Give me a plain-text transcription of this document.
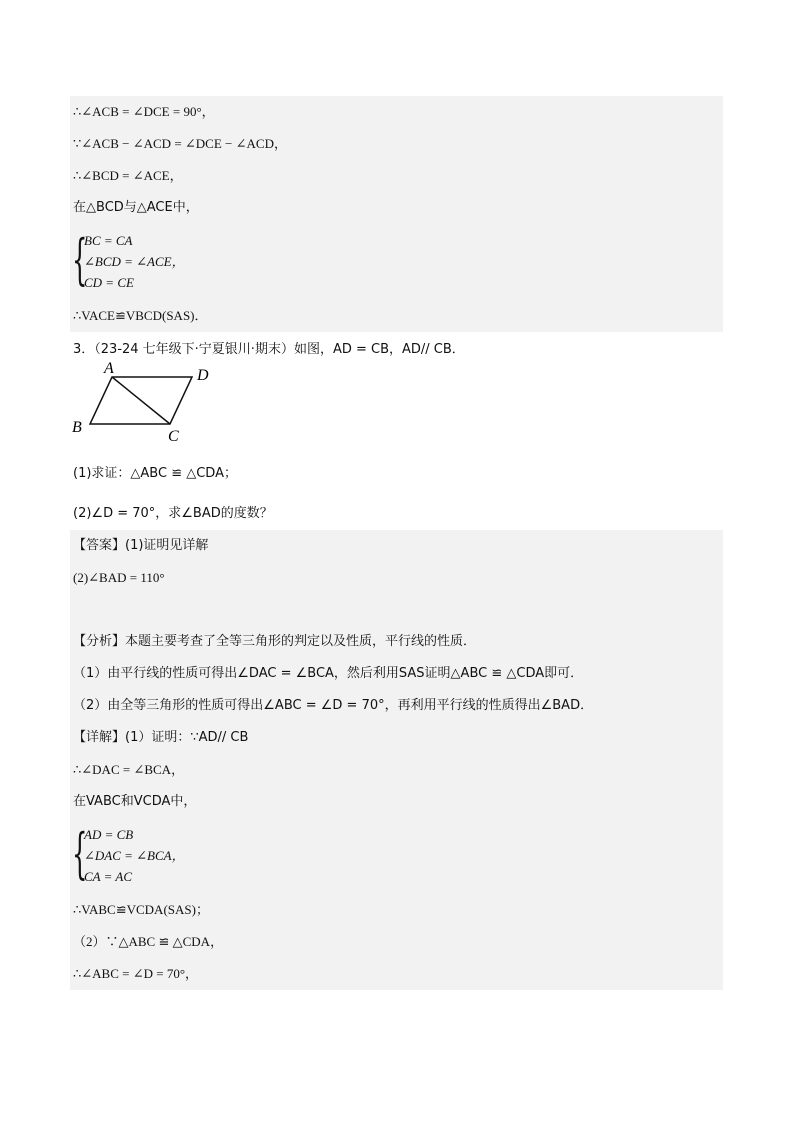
∴∠ACB = ∠DCE = 90°，
∵∠ACB − ∠ACD = ∠DCE − ∠ACD，
∴∠BCD = ∠ACE，
在△BCD与△ACE中，
{
BC = CA
∠BCD = ∠ACE，
CD = CE
∴VACE≌VBCD(SAS)．
3．（23-24 七年级下·宁夏银川·期末）如图，AD = CB，AD// CB．
A	D
B
C
(1)求证：△ABC ≌ △CDA；
(2)∠D = 70°，求∠BAD的度数？
【答案】(1)证明见详解
(2)∠BAD = 110°
【分析】本题主要考查了全等三角形的判定以及性质，平行线的性质．
（1）由平行线的性质可得出∠DAC = ∠BCA，然后利用SAS证明△ABC ≌ △CDA即可．
（2）由全等三角形的性质可得出∠ABC = ∠D = 70°，再利用平行线的性质得出∠BAD．
【详解】(1）证明：∵AD// CB
∴∠DAC = ∠BCA，
在VABC和VCDA中，
{
AD = CB
∠DAC = ∠BCA，
CA = AC
∴VABC≌VCDA(SAS)；
（2）∵△ABC ≌ △CDA，
∴∠ABC = ∠D = 70°，
